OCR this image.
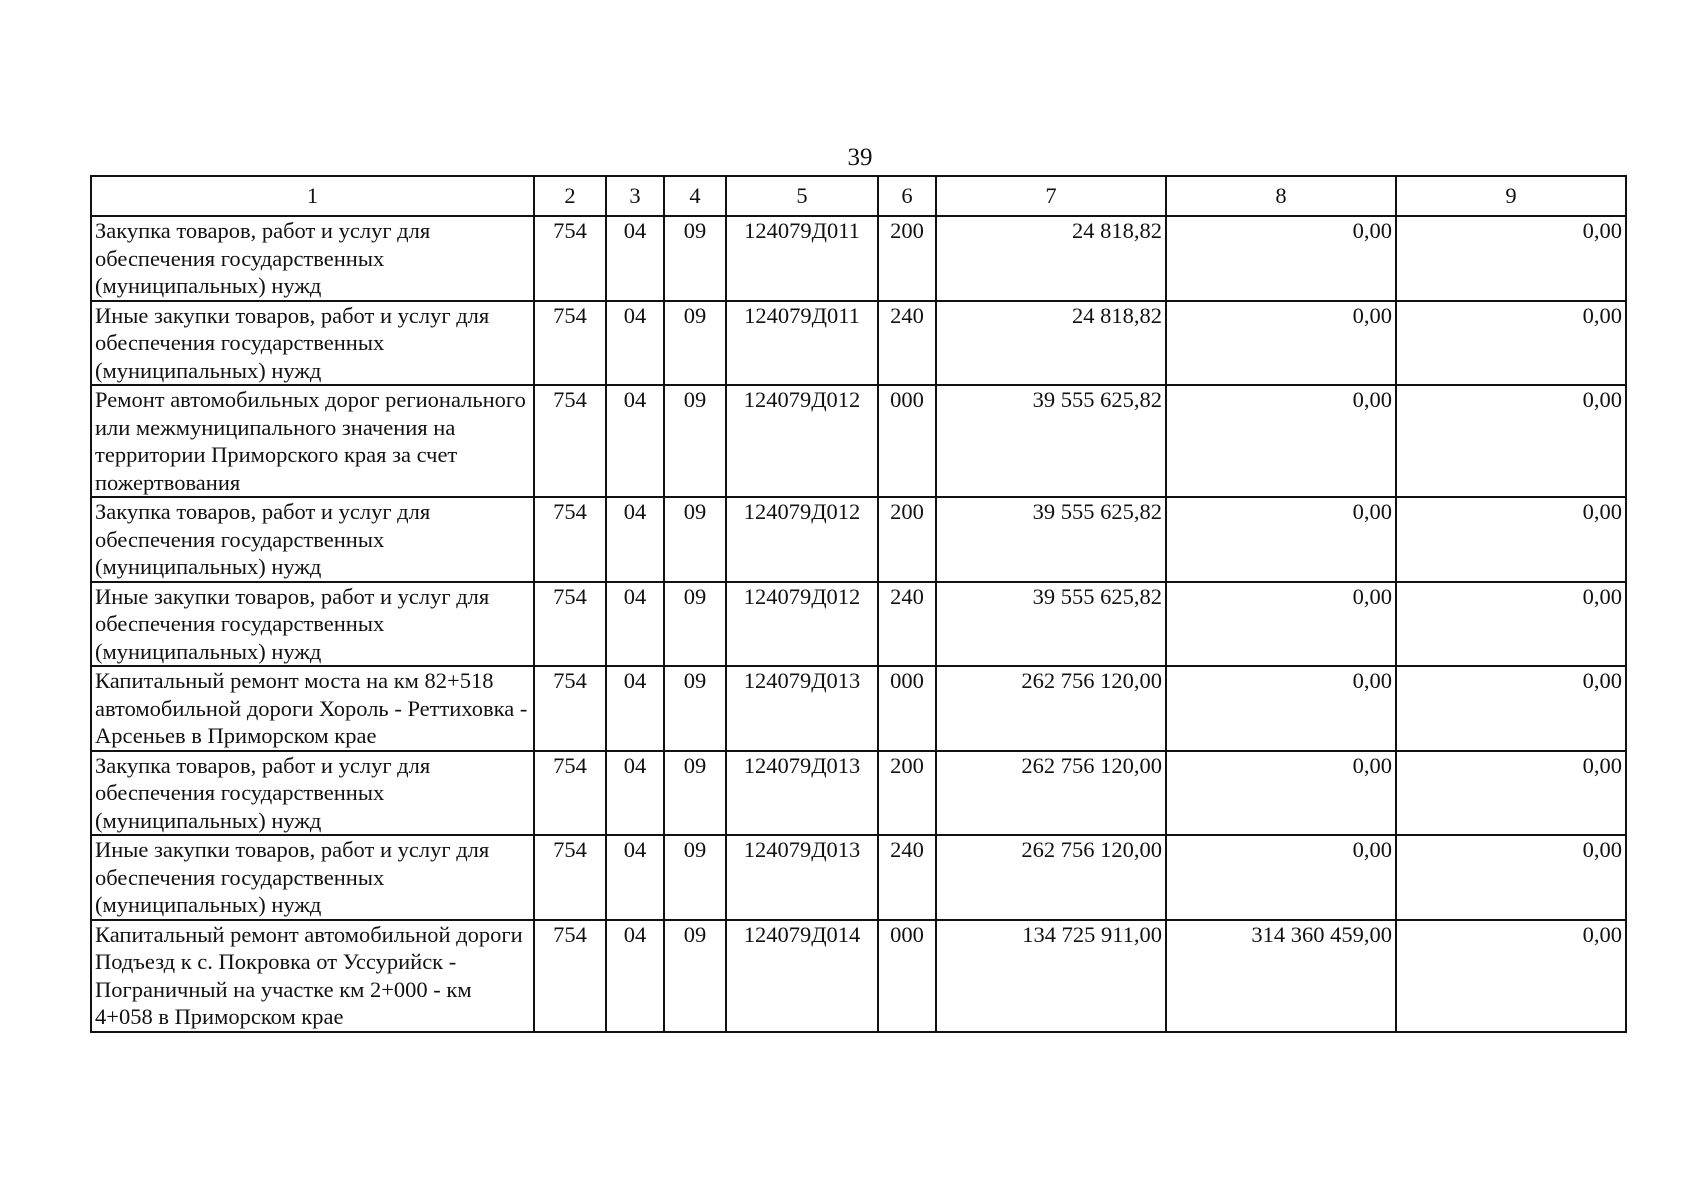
39
1	2	3	4	5	6	7	8	9
Закупка товаров, работ и услуг для обеспечения государственных (муниципальных) нужд	754	04	09	124079Д011	200	24 818,82	0,00	0,00
Иные закупки товаров, работ и услуг для обеспечения государственных (муниципальных) нужд	754	04	09	124079Д011	240	24 818,82	0,00	0,00
Ремонт автомобильных дорог регионального или межмуниципального значения на территории Приморского края за счет пожертвования	754	04	09	124079Д012	000	39 555 625,82	0,00	0,00
Закупка товаров, работ и услуг для обеспечения государственных (муниципальных) нужд	754	04	09	124079Д012	200	39 555 625,82	0,00	0,00
Иные закупки товаров, работ и услуг для обеспечения государственных (муниципальных) нужд	754	04	09	124079Д012	240	39 555 625,82	0,00	0,00
Капитальный ремонт моста на км 82+518 автомобильной дороги Хороль - Реттиховка - Арсеньев в Приморском крае	754	04	09	124079Д013	000	262 756 120,00	0,00	0,00
Закупка товаров, работ и услуг для обеспечения государственных (муниципальных) нужд	754	04	09	124079Д013	200	262 756 120,00	0,00	0,00
Иные закупки товаров, работ и услуг для обеспечения государственных (муниципальных) нужд	754	04	09	124079Д013	240	262 756 120,00	0,00	0,00
Капитальный ремонт автомобильной дороги Подъезд к с. Покровка от Уссурийск - Пограничный на участке км 2+000 - км 4+058 в Приморском крае	754	04	09	124079Д014	000	134 725 911,00	314 360 459,00	0,00
